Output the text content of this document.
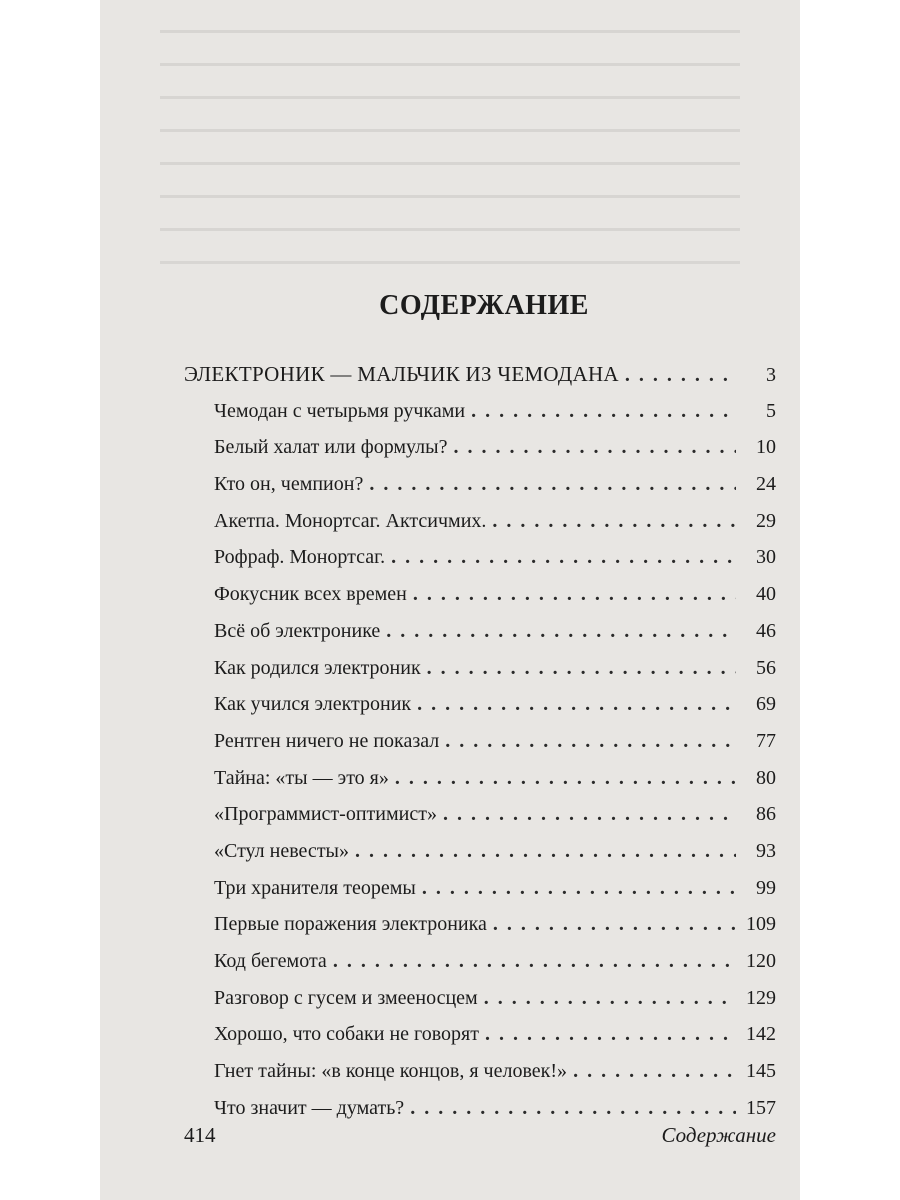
СОДЕРЖАНИЕ
ЭЛЕКТРОНИК — МАЛЬЧИК ИЗ ЧЕМОДАНА . . .	3
Чемодан с четырьмя ручками . . .	5
Белый халат или формулы? . . .	10
Кто он, чемпион? . . .	24
Акетпа. Монортсаг. Актсичмих. . . .	29
Рофраф. Монортсаг. . . .	30
Фокусник всех времен . . .	40
Всё об электронике . . .	46
Как родился электроник . . .	56
Как учился электроник . . .	69
Рентген ничего не показал . . .	77
Тайна: «ты — это я» . . .	80
«Программист-оптимист» . . .	86
«Стул невесты» . . .	93
Три хранителя теоремы . . .	99
Первые поражения электроника . . .	109
Код бегемота . . .	120
Разговор с гусем и змееносцем . . .	129
Хорошо, что собаки не говорят . . .	142
Гнет тайны: «в конце концов, я человек!» . . .	145
Что значит — думать? . . .	157
414	Содержание
